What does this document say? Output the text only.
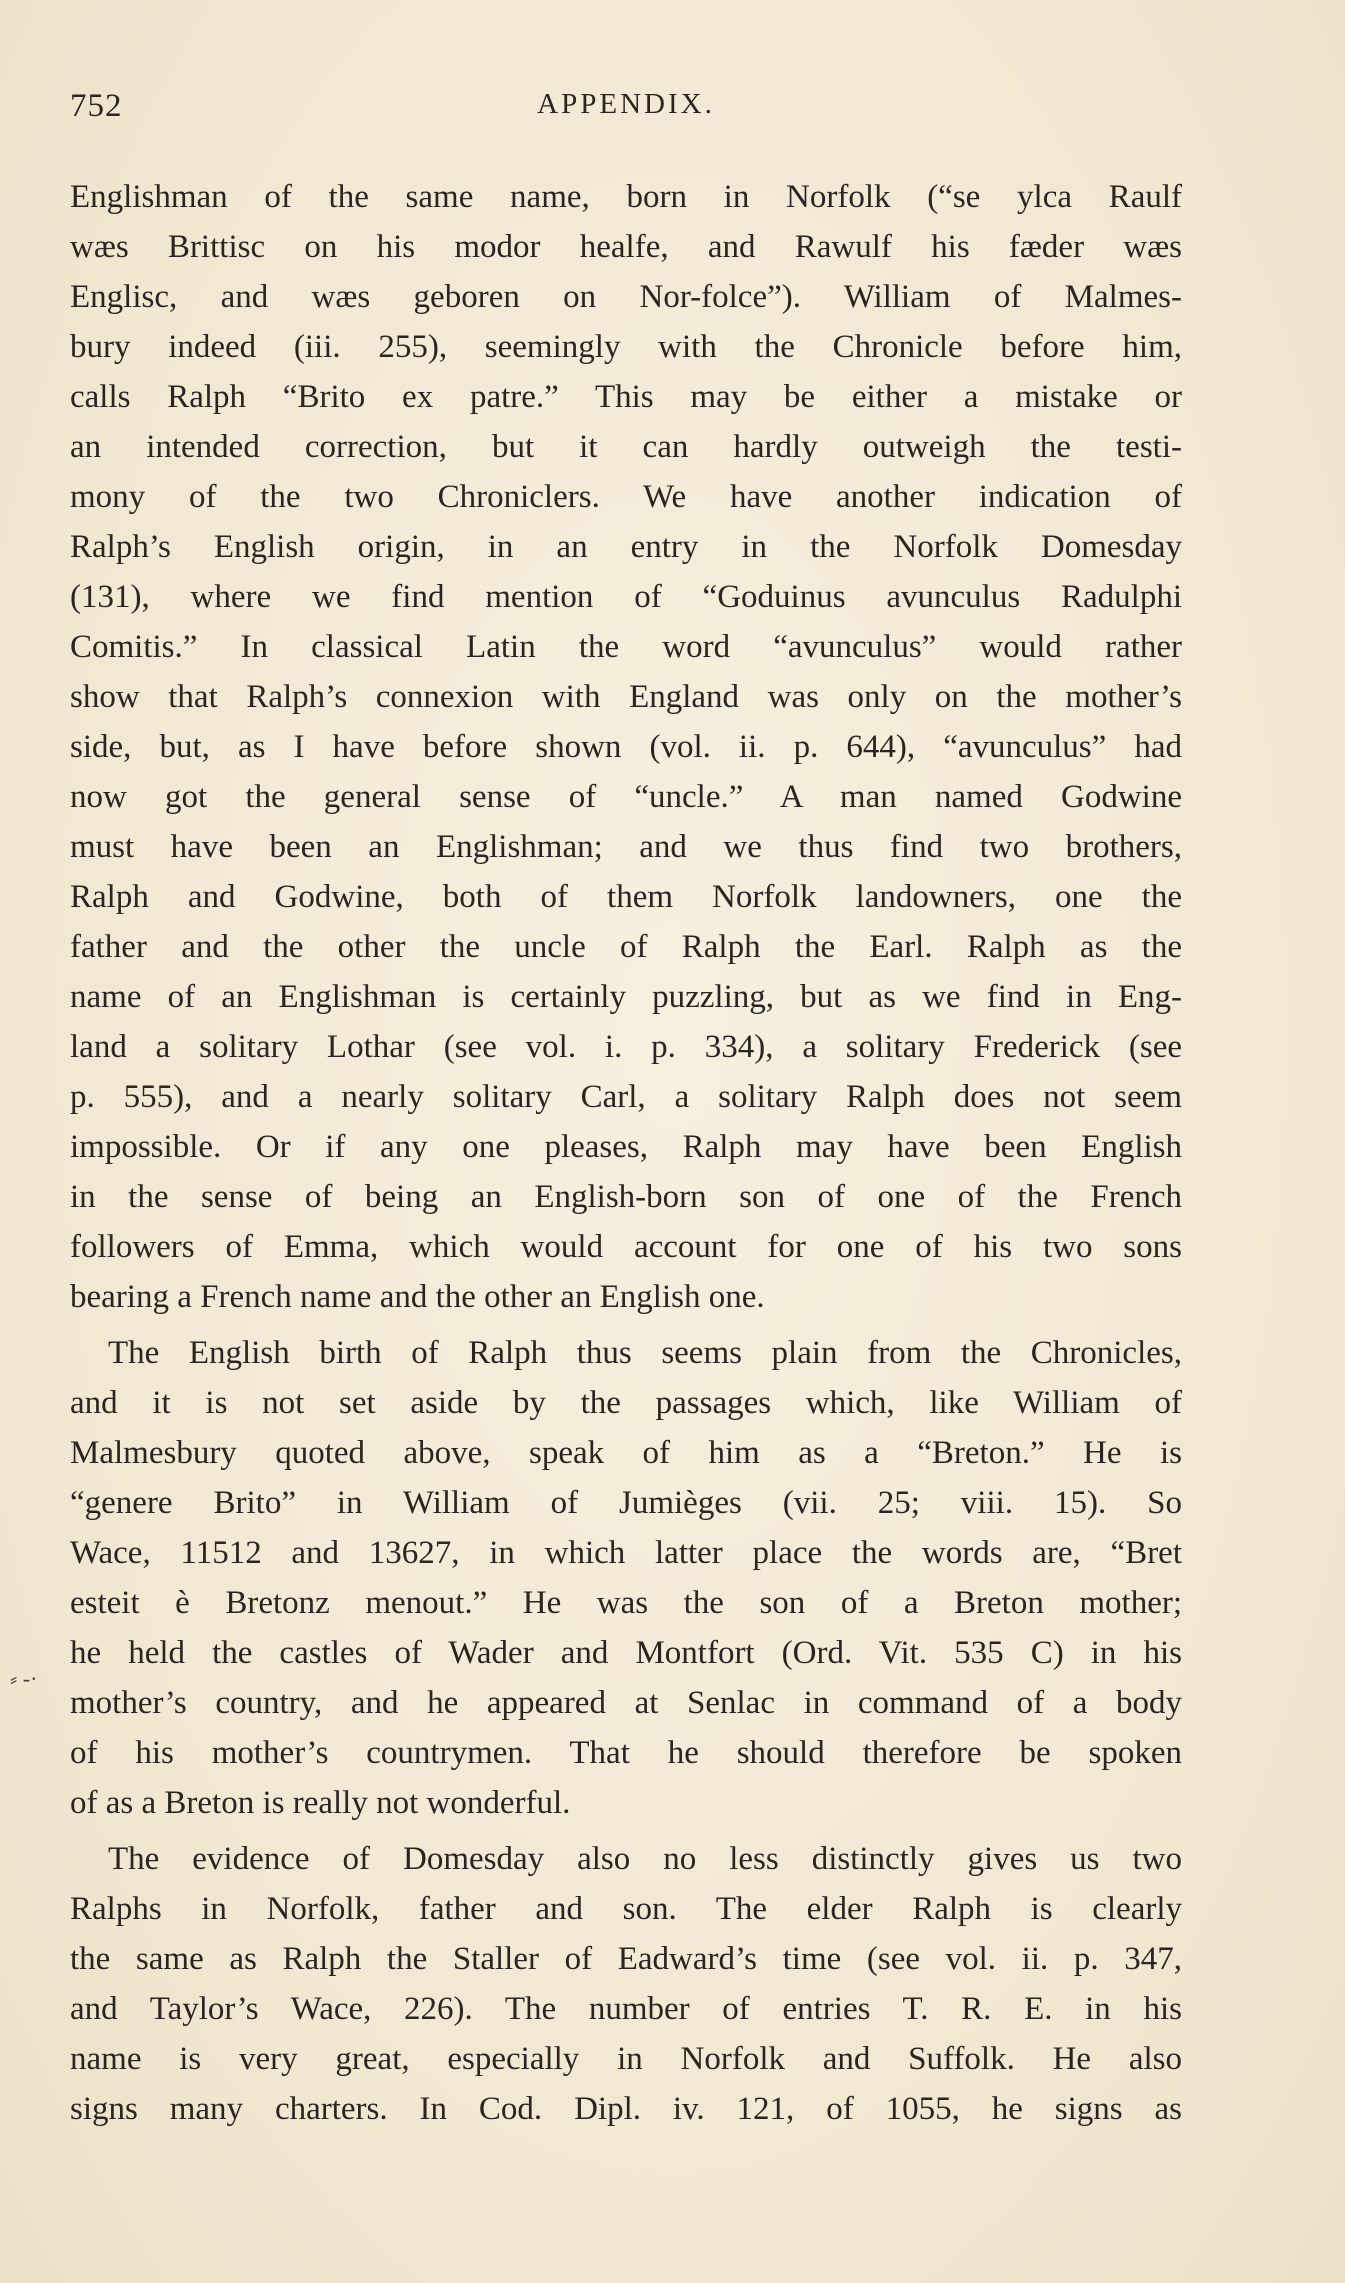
752	APPENDIX.
⸗ -·
Englishman of the same name, born in Norfolk (“se ylca Raulf
wæs Brittisc on his modor healfe, and Rawulf his fæder wæs
Englisc, and wæs geboren on Nor-folce”). William of Malmes-
bury indeed (iii. 255), seemingly with the Chronicle before him,
calls Ralph “Brito ex patre.” This may be either a mistake or
an intended correction, but it can hardly outweigh the testi-
mony of the two Chroniclers. We have another indication of
Ralph’s English origin, in an entry in the Norfolk Domesday
(131), where we find mention of “Goduinus avunculus Radulphi
Comitis.” In classical Latin the word “avunculus” would rather
show that Ralph’s connexion with England was only on the mother’s
side, but, as I have before shown (vol. ii. p. 644), “avunculus” had
now got the general sense of “uncle.” A man named Godwine
must have been an Englishman; and we thus find two brothers,
Ralph and Godwine, both of them Norfolk landowners, one the
father and the other the uncle of Ralph the Earl. Ralph as the
name of an Englishman is certainly puzzling, but as we find in Eng-
land a solitary Lothar (see vol. i. p. 334), a solitary Frederick (see
p. 555), and a nearly solitary Carl, a solitary Ralph does not seem
impossible. Or if any one pleases, Ralph may have been English
in the sense of being an English-born son of one of the French
followers of Emma, which would account for one of his two sons
bearing a French name and the other an English one.
The English birth of Ralph thus seems plain from the Chronicles,
and it is not set aside by the passages which, like William of
Malmesbury quoted above, speak of him as a “Breton.” He is
“genere Brito” in William of Jumièges (vii. 25; viii. 15). So
Wace, 11512 and 13627, in which latter place the words are, “Bret
esteit è Bretonz menout.” He was the son of a Breton mother;
he held the castles of Wader and Montfort (Ord. Vit. 535 C) in his
mother’s country, and he appeared at Senlac in command of a body
of his mother’s countrymen. That he should therefore be spoken
of as a Breton is really not wonderful.
The evidence of Domesday also no less distinctly gives us two
Ralphs in Norfolk, father and son. The elder Ralph is clearly
the same as Ralph the Staller of Eadward’s time (see vol. ii. p. 347,
and Taylor’s Wace, 226). The number of entries T. R. E. in his
name is very great, especially in Norfolk and Suffolk. He also
signs many charters. In Cod. Dipl. iv. 121, of 1055, he signs as
